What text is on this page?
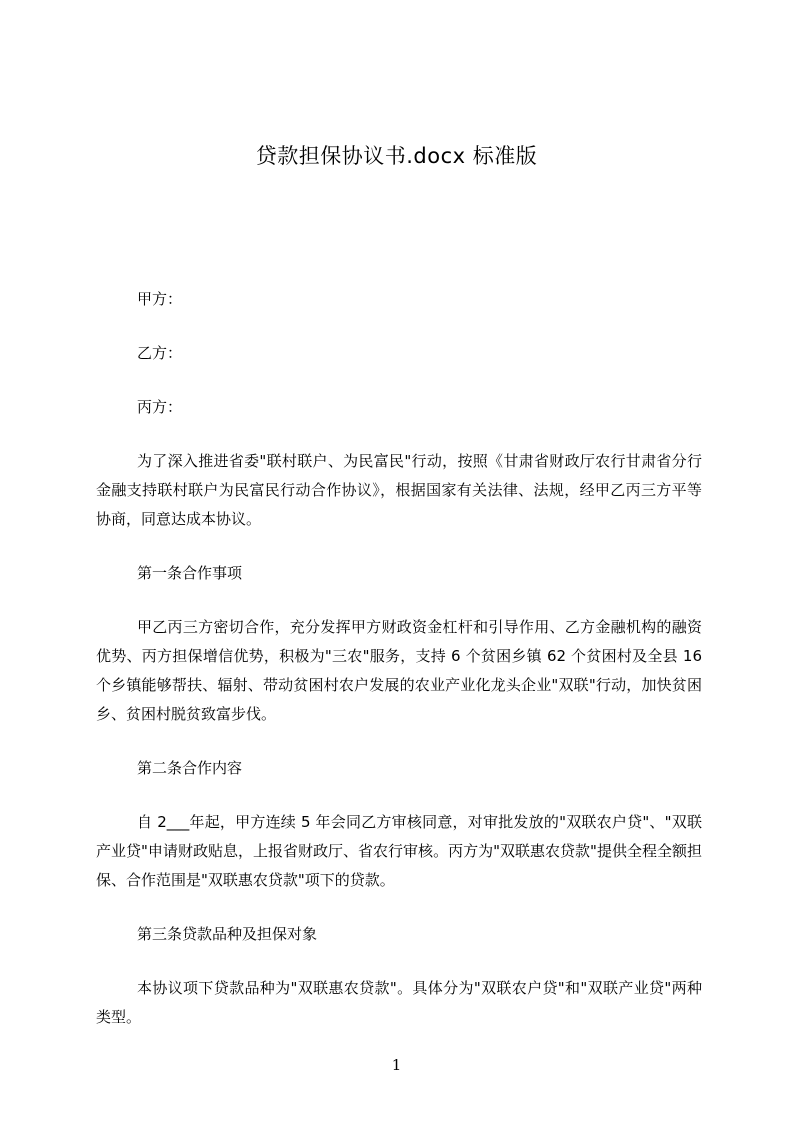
贷款担保协议书.docx 标准版

甲方：

乙方：

丙方：

为了深入推进省委"联村联户、为民富民"行动，按照《甘肃省财政厅农行甘肃省分行金融支持联村联户为民富民行动合作协议》，根据国家有关法律、法规，经甲乙丙三方平等协商，同意达成本协议。

第一条合作事项

甲乙丙三方密切合作，充分发挥甲方财政资金杠杆和引导作用、乙方金融机构的融资优势、丙方担保增信优势，积极为"三农"服务，支持 6 个贫困乡镇 62 个贫困村及全县 16 个乡镇能够帮扶、辐射、带动贫困村农户发展的农业产业化龙头企业"双联"行动，加快贫困乡、贫困村脱贫致富步伐。

第二条合作内容

自 2___年起，甲方连续 5 年会同乙方审核同意，对审批发放的"双联农户贷"、"双联产业贷"申请财政贴息，上报省财政厅、省农行审核。丙方为"双联惠农贷款"提供全程全额担保、合作范围是"双联惠农贷款"项下的贷款。

第三条贷款品种及担保对象

本协议项下贷款品种为"双联惠农贷款"。具体分为"双联农户贷"和"双联产业贷"两种类型。

1
